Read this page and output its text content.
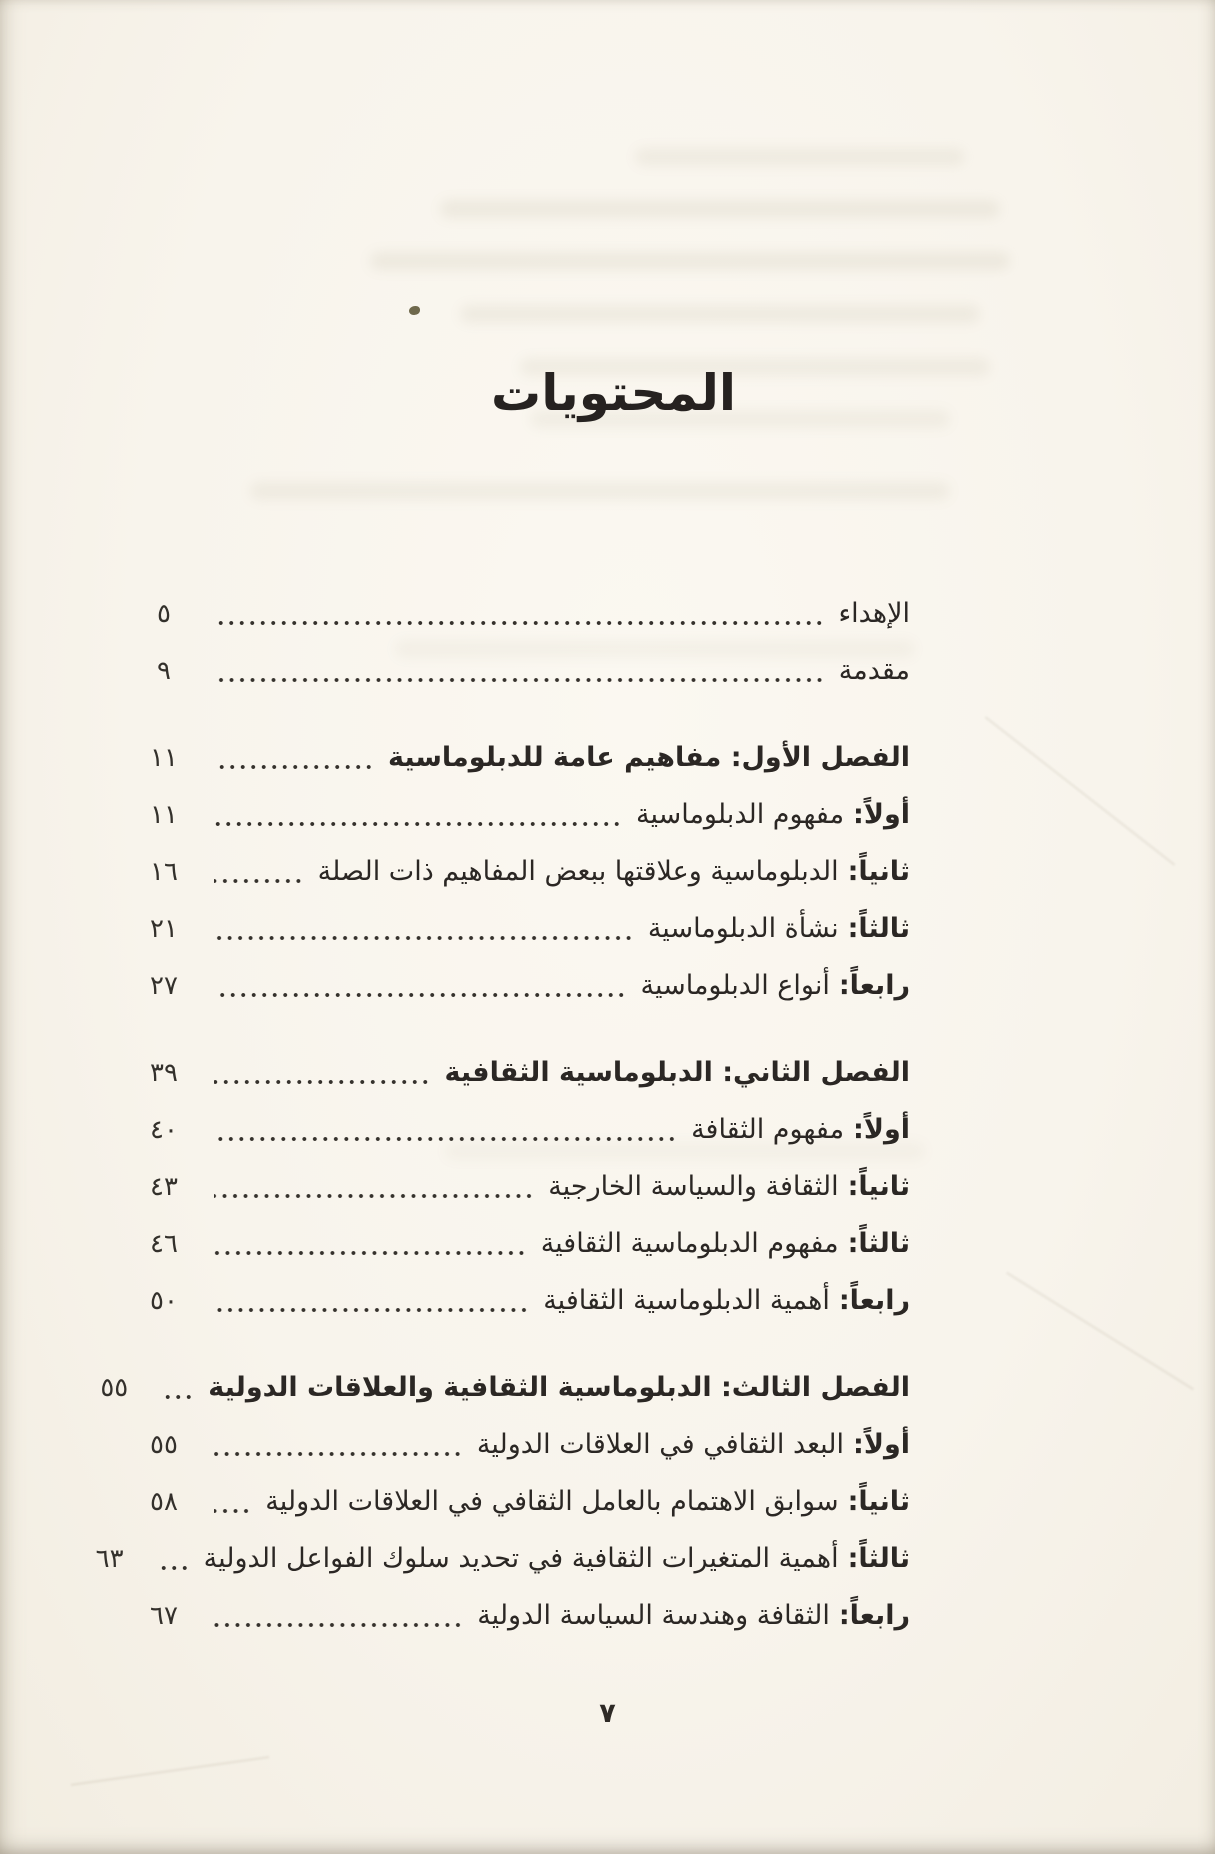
المحتويات
الإهداء
٥
مقدمة
٩
الفصل الأول: مفاهيم عامة للدبلوماسية
١١
أولاً:مفهوم الدبلوماسية
١١
ثانياً:الدبلوماسية وعلاقتها ببعض المفاهيم ذات الصلة
١٦
ثالثاً:نشأة الدبلوماسية
٢١
رابعاً:أنواع الدبلوماسية
٢٧
الفصل الثاني: الدبلوماسية الثقافية
٣٩
أولاً:مفهوم الثقافة
٤٠
ثانياً:الثقافة والسياسة الخارجية
٤٣
ثالثاً:مفهوم الدبلوماسية الثقافية
٤٦
رابعاً:أهمية الدبلوماسية الثقافية
٥٠
الفصل الثالث: الدبلوماسية الثقافية والعلاقات الدولية
٥٥
أولاً:البعد الثقافي في العلاقات الدولية
٥٥
ثانياً:سوابق الاهتمام بالعامل الثقافي في العلاقات الدولية
٥٨
ثالثاً:أهمية المتغيرات الثقافية في تحديد سلوك الفواعل الدولية
٦٣
رابعاً:الثقافة وهندسة السياسة الدولية
٦٧
٧
